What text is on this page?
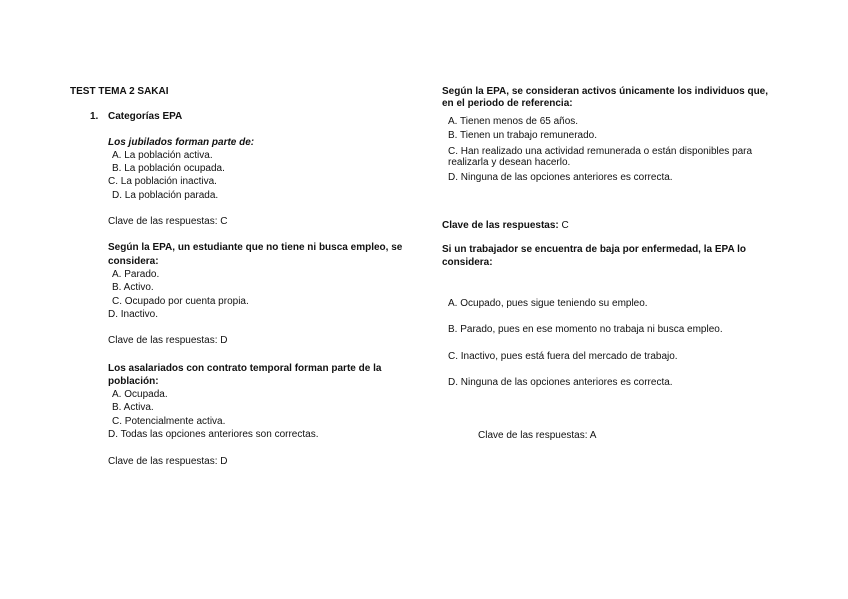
TEST TEMA 2 SAKAI
1. Categorías EPA
Los jubilados forman parte de:
A. La población activa.
B. La población ocupada.
C. La población inactiva.
D. La población parada.
Clave de las respuestas: C
Según la EPA, un estudiante que no tiene ni busca empleo, se
considera:
A. Parado.
B. Activo.
C. Ocupado por cuenta propia.
D. Inactivo.
Clave de las respuestas: D
Los asalariados con contrato temporal forman parte de la
población:
A. Ocupada.
B. Activa.
C. Potencialmente activa.
D. Todas las opciones anteriores son correctas.
Clave de las respuestas: D
Según la EPA, se consideran activos únicamente los individuos que,
en el periodo de referencia:
A. Tienen menos de 65 años.
B. Tienen un trabajo remunerado.
C. Han realizado una actividad remunerada o están disponibles para
realizarla y desean hacerlo.
D. Ninguna de las opciones anteriores es correcta.
Clave de las respuestas: C
Si un trabajador se encuentra de baja por enfermedad, la EPA lo
considera:
A. Ocupado, pues sigue teniendo su empleo.
B. Parado, pues en ese momento no trabaja ni busca empleo.
C. Inactivo, pues está fuera del mercado de trabajo.
D. Ninguna de las opciones anteriores es correcta.
Clave de las respuestas: A
